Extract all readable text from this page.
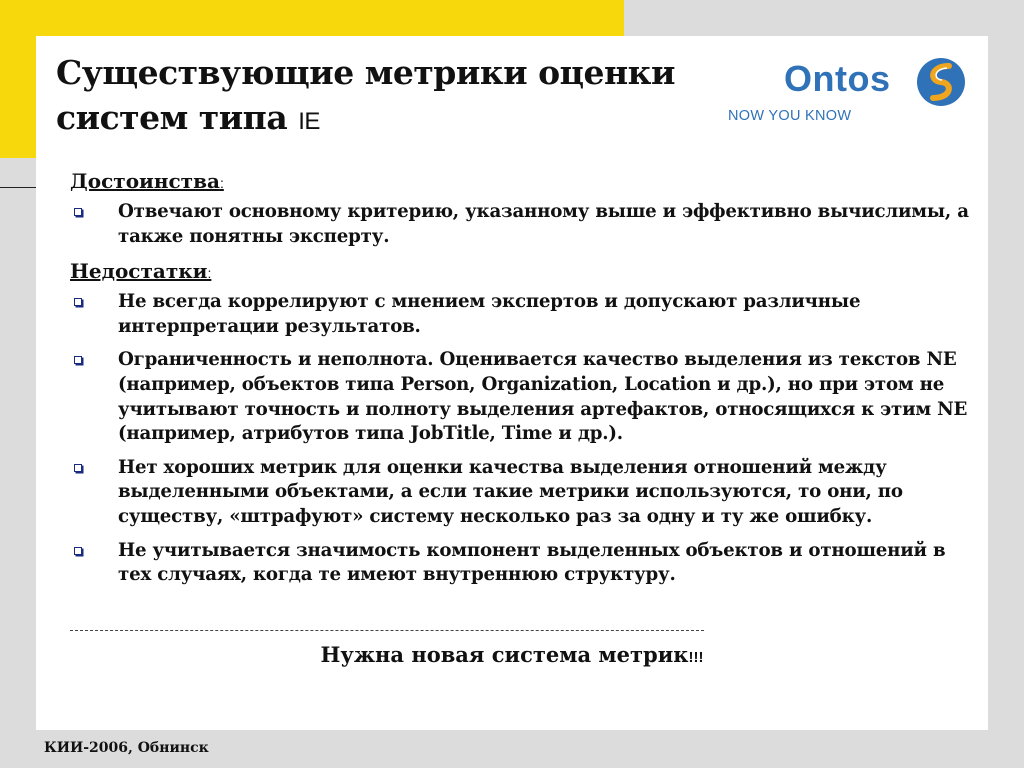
Существующие метрики оценки
систем типа IE
Ontos
NOW YOU KNOW

Достоинства:

Отвечают основному критерию, указанному выше и эффективно вычислимы, а также понятны эксперту.

Недостатки:

Не всегда коррелируют с мнением экспертов и допускают различные интерпретации результатов.
Ограниченность и неполнота. Оценивается качество выделения из текстов NE (например, объектов типа Person, Organization, Location и др.), но при этом не учитывают точность и полноту выделения артефактов, относящихся к этим NE (например, атрибутов типа JobTitle, Time и др.).
Нет хороших метрик для оценки качества выделения отношений между выделенными объектами, а если такие метрики используются, то они, по существу, «штрафуют» систему несколько раз за одну и ту же ошибку.
Не учитывается значимость компонент выделенных объектов и отношений в тех случаях, когда те имеют внутреннюю структуру.
Нужна новая система метрик!!!
КИИ-2006, Обнинск
